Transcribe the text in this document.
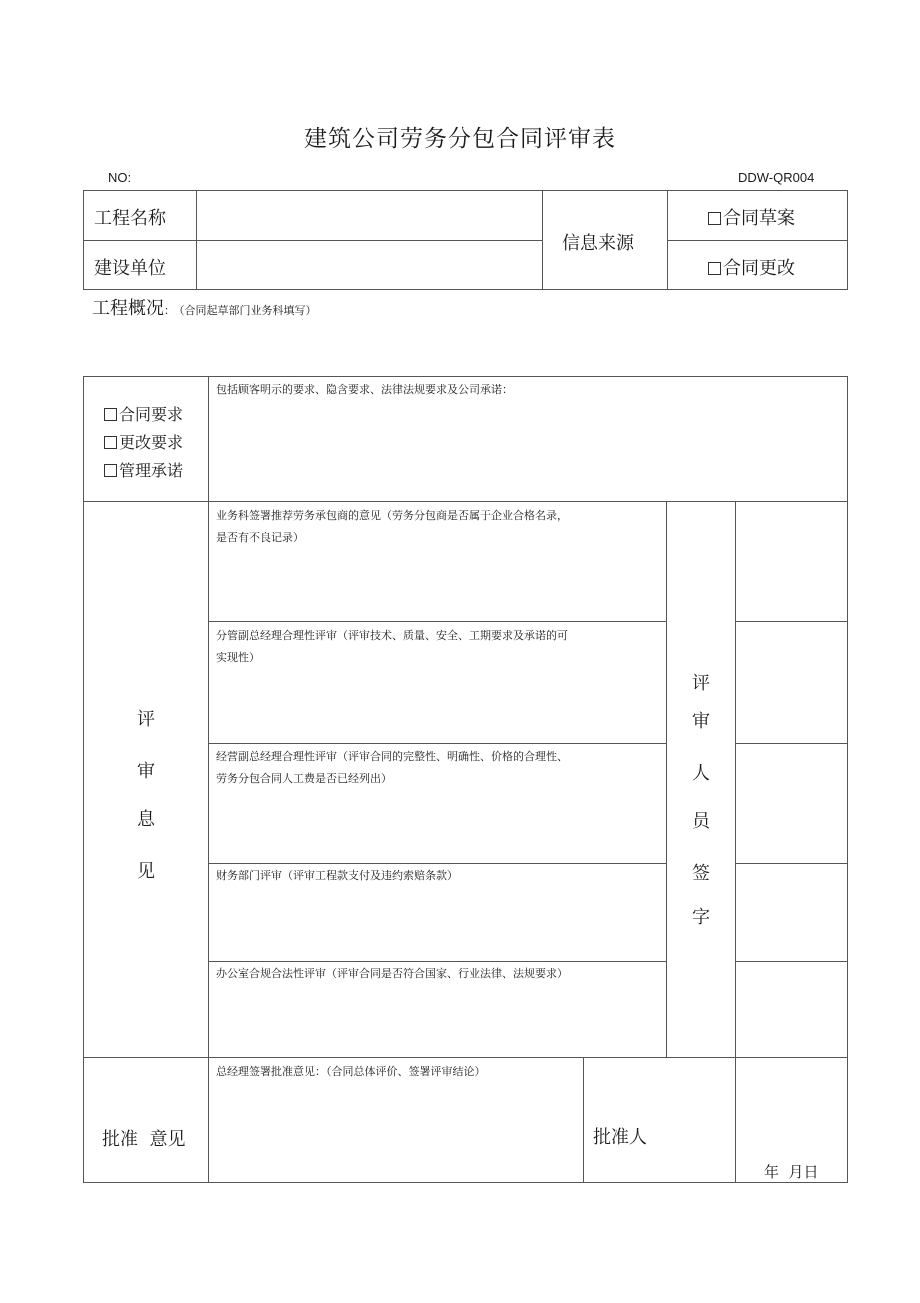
建筑公司劳务分包合同评审表
NO:	DDW-QR004
工程名称
建设单位
信息来源
合同草案
合同更改
工程概况： （合同起草部门业务科填写）
合同要求
更改要求
管理承诺
包括顾客明示的要求、隐含要求、法律法规要求及公司承诺：
评
审
息
见
业务科签署推荐劳务承包商的意见（劳务分包商是否属于企业合格名录，
是否有不良记录）
分管副总经理合理性评审（评审技术、质量、安全、工期要求及承诺的可
实现性）
经营副总经理合理性评审（评审合同的完整性、明确性、价格的合理性、
劳务分包合同人工费是否已经列出）
财务部门评审（评审工程款支付及违约索赔条款）
办公室合规合法性评审（评审合同是否符合国家、行业法律、法规要求）
评
审
人
员
签
字
批准  意见
总经理签署批准意见：（合同总体评价、签署评审结论）
批准人
年  月日
